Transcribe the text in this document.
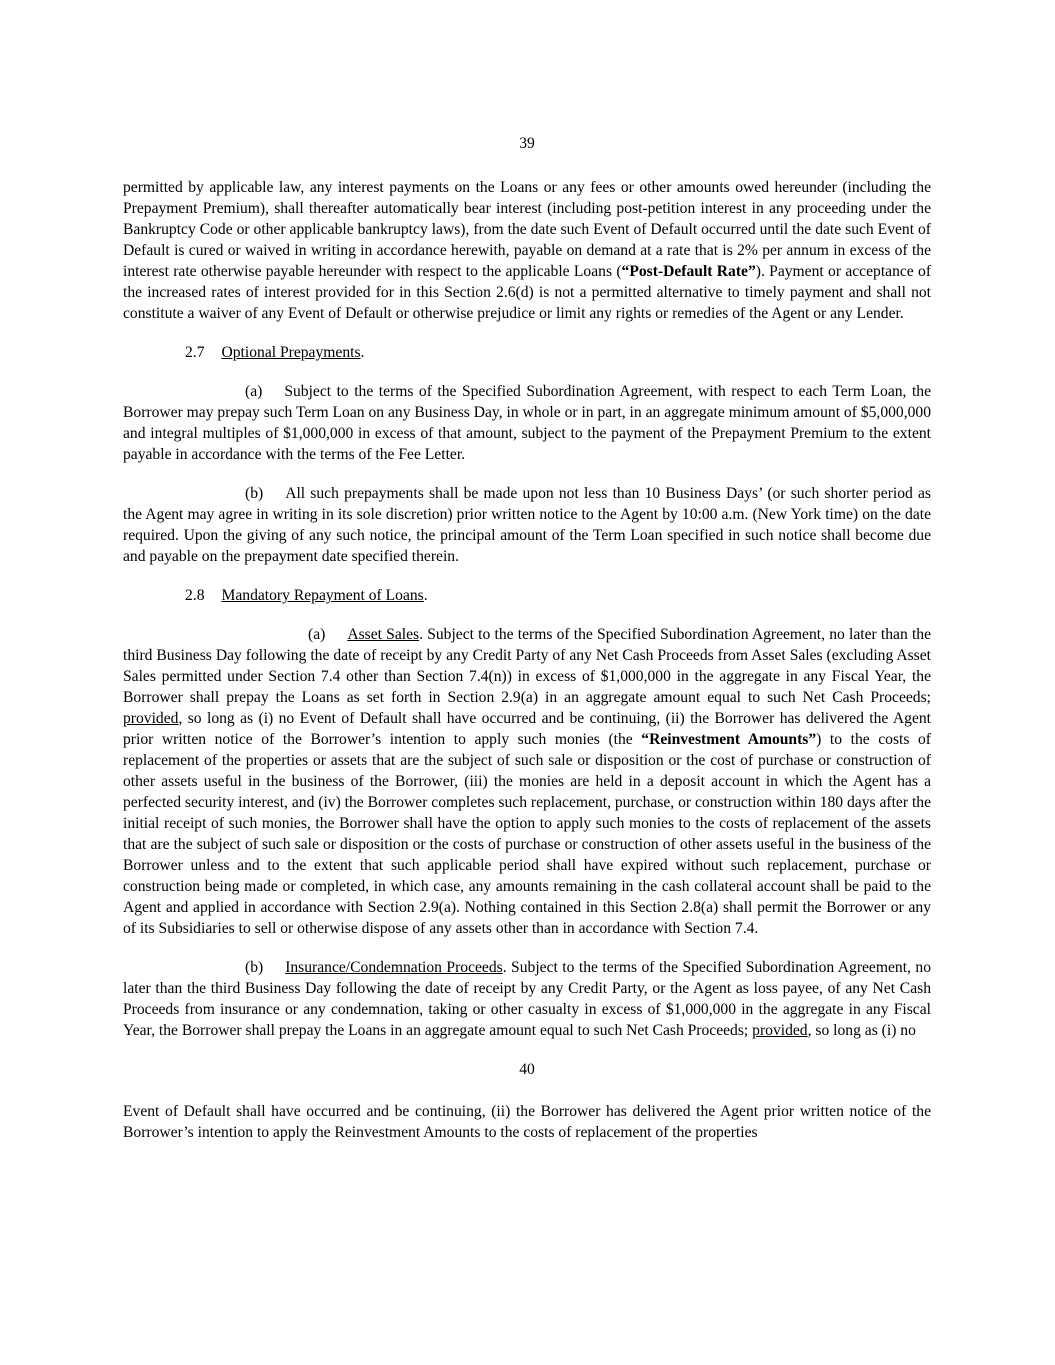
39

permitted by applicable law, any interest payments on the Loans or any fees or other amounts owed hereunder (including the Prepayment Premium), shall thereafter automatically bear interest (including post-petition interest in any proceeding under the Bankruptcy Code or other applicable bankruptcy laws), from the date such Event of Default occurred until the date such Event of Default is cured or waived in writing in accordance herewith, payable on demand at a rate that is 2% per annum in excess of the interest rate otherwise payable hereunder with respect to the applicable Loans (“Post-Default Rate”). Payment or acceptance of the increased rates of interest provided for in this Section 2.6(d) is not a permitted alternative to timely payment and shall not constitute a waiver of any Event of Default or otherwise prejudice or limit any rights or remedies of the Agent or any Lender.

2.7 Optional Prepayments.

(a) Subject to the terms of the Specified Subordination Agreement, with respect to each Term Loan, the Borrower may prepay such Term Loan on any Business Day, in whole or in part, in an aggregate minimum amount of $5,000,000 and integral multiples of $1,000,000 in excess of that amount, subject to the payment of the Prepayment Premium to the extent payable in accordance with the terms of the Fee Letter.

(b) All such prepayments shall be made upon not less than 10 Business Days’ (or such shorter period as the Agent may agree in writing in its sole discretion) prior written notice to the Agent by 10:00 a.m. (New York time) on the date required. Upon the giving of any such notice, the principal amount of the Term Loan specified in such notice shall become due and payable on the prepayment date specified therein.

2.8 Mandatory Repayment of Loans.

(a) Asset Sales. Subject to the terms of the Specified Subordination Agreement, no later than the third Business Day following the date of receipt by any Credit Party of any Net Cash Proceeds from Asset Sales (excluding Asset Sales permitted under Section 7.4 other than Section 7.4(n)) in excess of $1,000,000 in the aggregate in any Fiscal Year, the Borrower shall prepay the Loans as set forth in Section 2.9(a) in an aggregate amount equal to such Net Cash Proceeds; provided, so long as (i) no Event of Default shall have occurred and be continuing, (ii) the Borrower has delivered the Agent prior written notice of the Borrower’s intention to apply such monies (the “Reinvestment Amounts”) to the costs of replacement of the properties or assets that are the subject of such sale or disposition or the cost of purchase or construction of other assets useful in the business of the Borrower, (iii) the monies are held in a deposit account in which the Agent has a perfected security interest, and (iv) the Borrower completes such replacement, purchase, or construction within 180 days after the initial receipt of such monies, the Borrower shall have the option to apply such monies to the costs of replacement of the assets that are the subject of such sale or disposition or the costs of purchase or construction of other assets useful in the business of the Borrower unless and to the extent that such applicable period shall have expired without such replacement, purchase or construction being made or completed, in which case, any amounts remaining in the cash collateral account shall be paid to the Agent and applied in accordance with Section 2.9(a). Nothing contained in this Section 2.8(a) shall permit the Borrower or any of its Subsidiaries to sell or otherwise dispose of any assets other than in accordance with Section 7.4.

(b) Insurance/Condemnation Proceeds. Subject to the terms of the Specified Subordination Agreement, no later than the third Business Day following the date of receipt by any Credit Party, or the Agent as loss payee, of any Net Cash Proceeds from insurance or any condemnation, taking or other casualty in excess of $1,000,000 in the aggregate in any Fiscal Year, the Borrower shall prepay the Loans in an aggregate amount equal to such Net Cash Proceeds; provided, so long as (i) no

40

Event of Default shall have occurred and be continuing, (ii) the Borrower has delivered the Agent prior written notice of the Borrower’s intention to apply the Reinvestment Amounts to the costs of replacement of the properties
